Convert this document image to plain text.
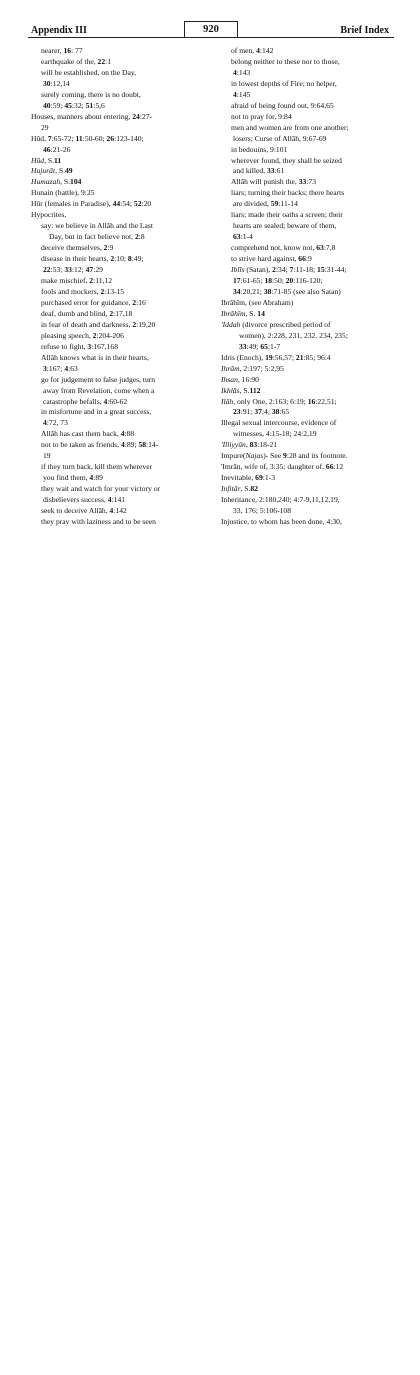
Appendix III	920	Brief Index
nearer, 16: 77
earthquake of the, 22:1
will be established, on the Day,
30:12,14
surely coming, there is no doubt,
40:59; 45:32; 51:5,6
Houses, manners about entering, 24:27-
29
Hūd, 7:65-72; 11:50-60; 26:123-140;
46:21-26
Hūd, S.11
Hujurāt, S.49
Humazah, S.104
Hunain (battle), 9:25
Hūr (females in Paradise), 44:54; 52:20
Hypocrites,
say: we believe in Allāh and the Last
Day, but in fact believe not, 2:8
deceive themselves, 2:9
disease in their hearts, 2:10; 8:49;
22:53; 33:12; 47:29
make mischief, 2:11,12
fools and mockers, 2:13-15
purchased error for guidance, 2:16
deaf, dumb and blind, 2:17,18
in fear of death and darkness, 2:19,20
pleasing speech, 2:204-206
refuse to fight, 3:167,168
Allāh knows what is in their hearts,
3:167; 4:63
go for judgement to false judges, turn
away from Revelation, come when a
catastrophe befalls, 4:60-62
in misfortune and in a great success,
4:72, 73
Allāh has cast them back, 4:88
not to be taken as friends, 4:89; 58:14-
19
if they turn back, kill them wherever
you find them, 4:89
they wait and watch for your victory or
disbelievers success, 4:141
seek to deceive Allāh, 4:142
they pray with laziness and to be seen
of men, 4:142
belong neither to these nor to those,
4:143
in lowest depths of Fire; no helper,
4:145
afraid of being found out, 9:64,65
not to pray for, 9:84
men and women are from one another;
losers; Curse of Allāh, 9:67-69
in bedouins, 9:101
wherever found, they shall be seized
and killed, 33:61
Allāh will punish the, 33:73
liars; turning their backs; there hearts
are divided, 59:11-14
liars; made their oaths a screen; their
hearts are sealed; beware of them,
63:1-4
comprehend not, know not, 63:7,8
to strive hard against, 66:9
Iblīs (Satan), 2:34; 7:11-18; 15:31-44;
17:61-65; 18:50; 20:116-120;
34:20,21; 38:71-85 (see also Satan)
Ibrāhīm, (see Abraham)
Ibrāhīm, S. 14
'Iddah (divorce prescribed period of
women), 2:228, 231, 232. 234, 235;
33:49; 65:1-7
Idris (Enoch), 19:56,57; 21:85; 96:4
Ihrām, 2:197; 5:2,95
Ihsan, 16:90
Ikhlās, S.112
Ilāh, only One, 2:163; 6:19; 16:22,51;
23:91; 37:4; 38:65
Illegal sexual intercourse, evidence of
witnesses, 4:15-18; 24:2,19
'Illiyyūn, 83:18-21
Impure(Najas)- See 9:28 and its footnote.
'Imrān, wife of, 3:35; daughter of, 66:12
Inevitable, 69:1-3
Infitār, S.82
Inheritance, 2:180,240; 4:7-9,11,12,19,
33, 176; 5:106-108
Injustice, to whom has been done, 4:30,
